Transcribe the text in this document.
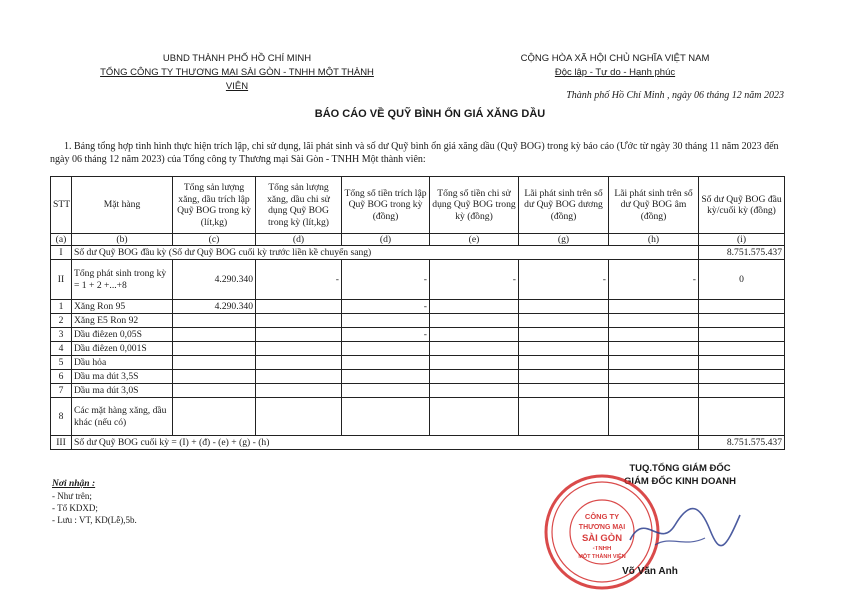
UBND THÀNH PHỐ HỒ CHÍ MINH
TỔNG CÔNG TY THƯƠNG MẠI SÀI GÒN - TNHH MỘT THÀNH VIÊN
CỘNG HÒA XÃ HỘI CHỦ NGHĨA VIỆT NAM
Độc lập - Tự do - Hạnh phúc
Thành phố Hồ Chí Minh , ngày 06 tháng 12 năm 2023
BÁO CÁO VỀ QUỸ BÌNH ỔN GIÁ XĂNG DẦU
1. Bảng tổng hợp tình hình thực hiện trích lập, chi sử dụng, lãi phát sinh và số dư Quỹ bình ổn giá xăng dầu (Quỹ BOG) trong kỳ báo cáo (Ước từ ngày 30 tháng 11 năm 2023 đến ngày 06 tháng 12 năm 2023) của Tổng công ty Thương mại Sài Gòn - TNHH Một thành viên:
STT	Mặt hàng	Tổng sản lượng xăng, dầu trích lập Quỹ BOG trong kỳ (lít,kg)	Tổng sản lượng xăng, dầu chi sử dụng Quỹ BOG trong kỳ (lít,kg)	Tổng số tiền trích lập Quỹ BOG trong kỳ (đồng)	Tổng số tiền chi sử dụng Quỹ BOG trong kỳ (đồng)	Lãi phát sinh trên số dư Quỹ BOG dương (đồng)	Lãi phát sinh trên số dư Quỹ BOG âm (đồng)	Số dư Quỹ BOG đầu kỳ/cuối kỳ (đồng)
(a)	(b)	(c)	(d)	(d)	(e)	(g)	(h)	(i)
I	Số dư Quỹ BOG đầu kỳ (Số dư Quỹ BOG cuối kỳ trước liền kề chuyển sang)							8.751.575.437
II	Tổng phát sinh trong kỳ = 1 + 2 +...+8	4.290.340	-	-	-	-	-	0
1	Xăng Ron 95	4.290.340		-				
2	Xăng E5 Ron 92							
3	Dầu điêzen 0,05S			-				
4	Dầu điêzen 0,001S							
5	Dầu hỏa							
6	Dầu ma dút 3,5S							
7	Dầu ma dút 3,0S							
8	Các mặt hàng xăng, dầu khác (nếu có)							
III	Số dư Quỹ BOG cuối kỳ = (I) + (đ) - (e) + (g) - (h)							8.751.575.437
Nơi nhận :
- Như trên;
- Tổ KDXD;
- Lưu : VT, KD(Lễ),5b.
TUQ.TỔNG GIÁM ĐỐC
GIÁM ĐỐC KINH DOANH
CÔNG TY
THƯƠNG MẠI
SÀI GÒN
-TNHH
MỘT THÀNH VIÊN
Võ Văn Anh
